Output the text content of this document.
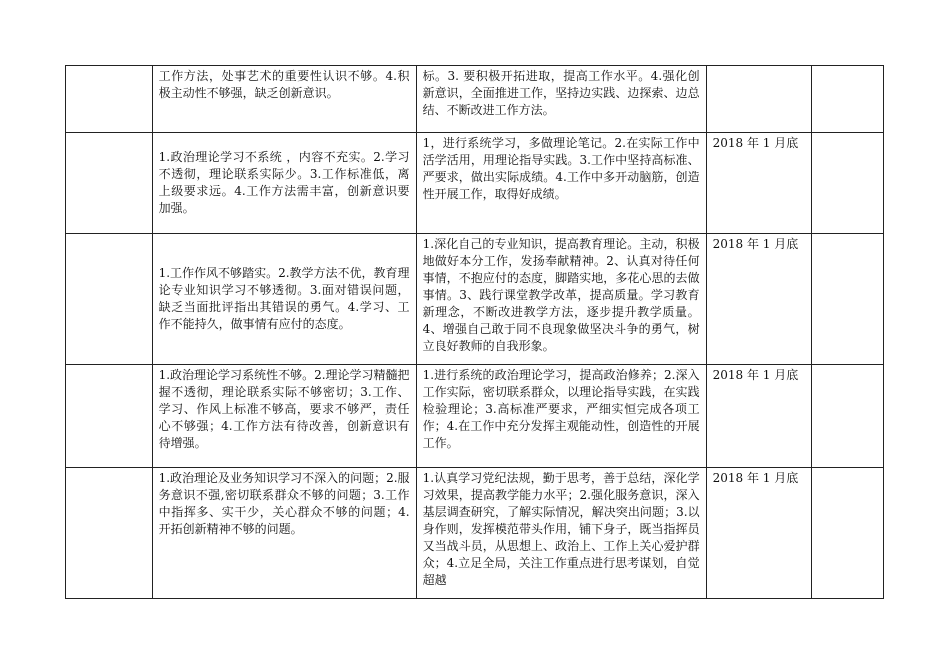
	工作方法，处事艺术的重要性认识不够。4.积极主动性不够强，缺乏创新意识。	标。3. 要积极开拓进取，提高工作水平。4.强化创新意识，全面推进工作，坚持边实践、边探索、边总结、不断改进工作方法。		
	1.政治理论学习不系统 ，内容不充实。2.学习不透彻，理论联系实际少。3.工作标准低，离上级要求远。4.工作方法需丰富，创新意识要加强。	1，进行系统学习，多做理论笔记。2.在实际工作中活学活用，用理论指导实践。3.工作中坚持高标准、严要求，做出实际成绩。4.工作中多开动脑筋，创造性开展工作，取得好成绩。	2018 年 1 月底	
	1.工作作风不够踏实。2.教学方法不优，教育理论专业知识学习不够透彻。3.面对错误问题，缺乏当面批评指出其错误的勇气。4.学习、工作不能持久，做事情有应付的态度。	1.深化自己的专业知识，提高教育理论。主动，积极地做好本分工作，发扬奉献精神。2、认真对待任何事情，不抱应付的态度，脚踏实地，多花心思的去做事情。3、践行课堂教学改革，提高质量。学习教育新理念，不断改进教学方法，逐步提升教学质量。4、增强自己敢于同不良现象做坚决斗争的勇气，树立良好教师的自我形象。	2018 年 1 月底	
	1.政治理论学习系统性不够。2.理论学习精髓把握不透彻，理论联系实际不够密切；3.工作、学习、作风上标准不够高，要求不够严，责任心不够强；4.工作方法有待改善，创新意识有待增强。	1.进行系统的政治理论学习，提高政治修养；2.深入工作实际，密切联系群众，以理论指导实践，在实践检验理论；3.高标准严要求，严细实恒完成各项工作；4.在工作中充分发挥主观能动性，创造性的开展工作。	2018 年 1 月底	
	1.政治理论及业务知识学习不深入的问题；2.服务意识不强,密切联系群众不够的问题；3.工作中指挥多、实干少，关心群众不够的问题；4.开拓创新精神不够的问题。	1.认真学习党纪法规，勤于思考，善于总结，深化学习效果，提高教学能力水平；2.强化服务意识，深入基层调查研究，了解实际情况，解决突出问题；3.以身作则，发挥模范带头作用，铺下身子，既当指挥员又当战斗员，从思想上、政治上、工作上关心爱护群众；4.立足全局，关注工作重点进行思考谋划，自觉超越	2018 年 1 月底	
